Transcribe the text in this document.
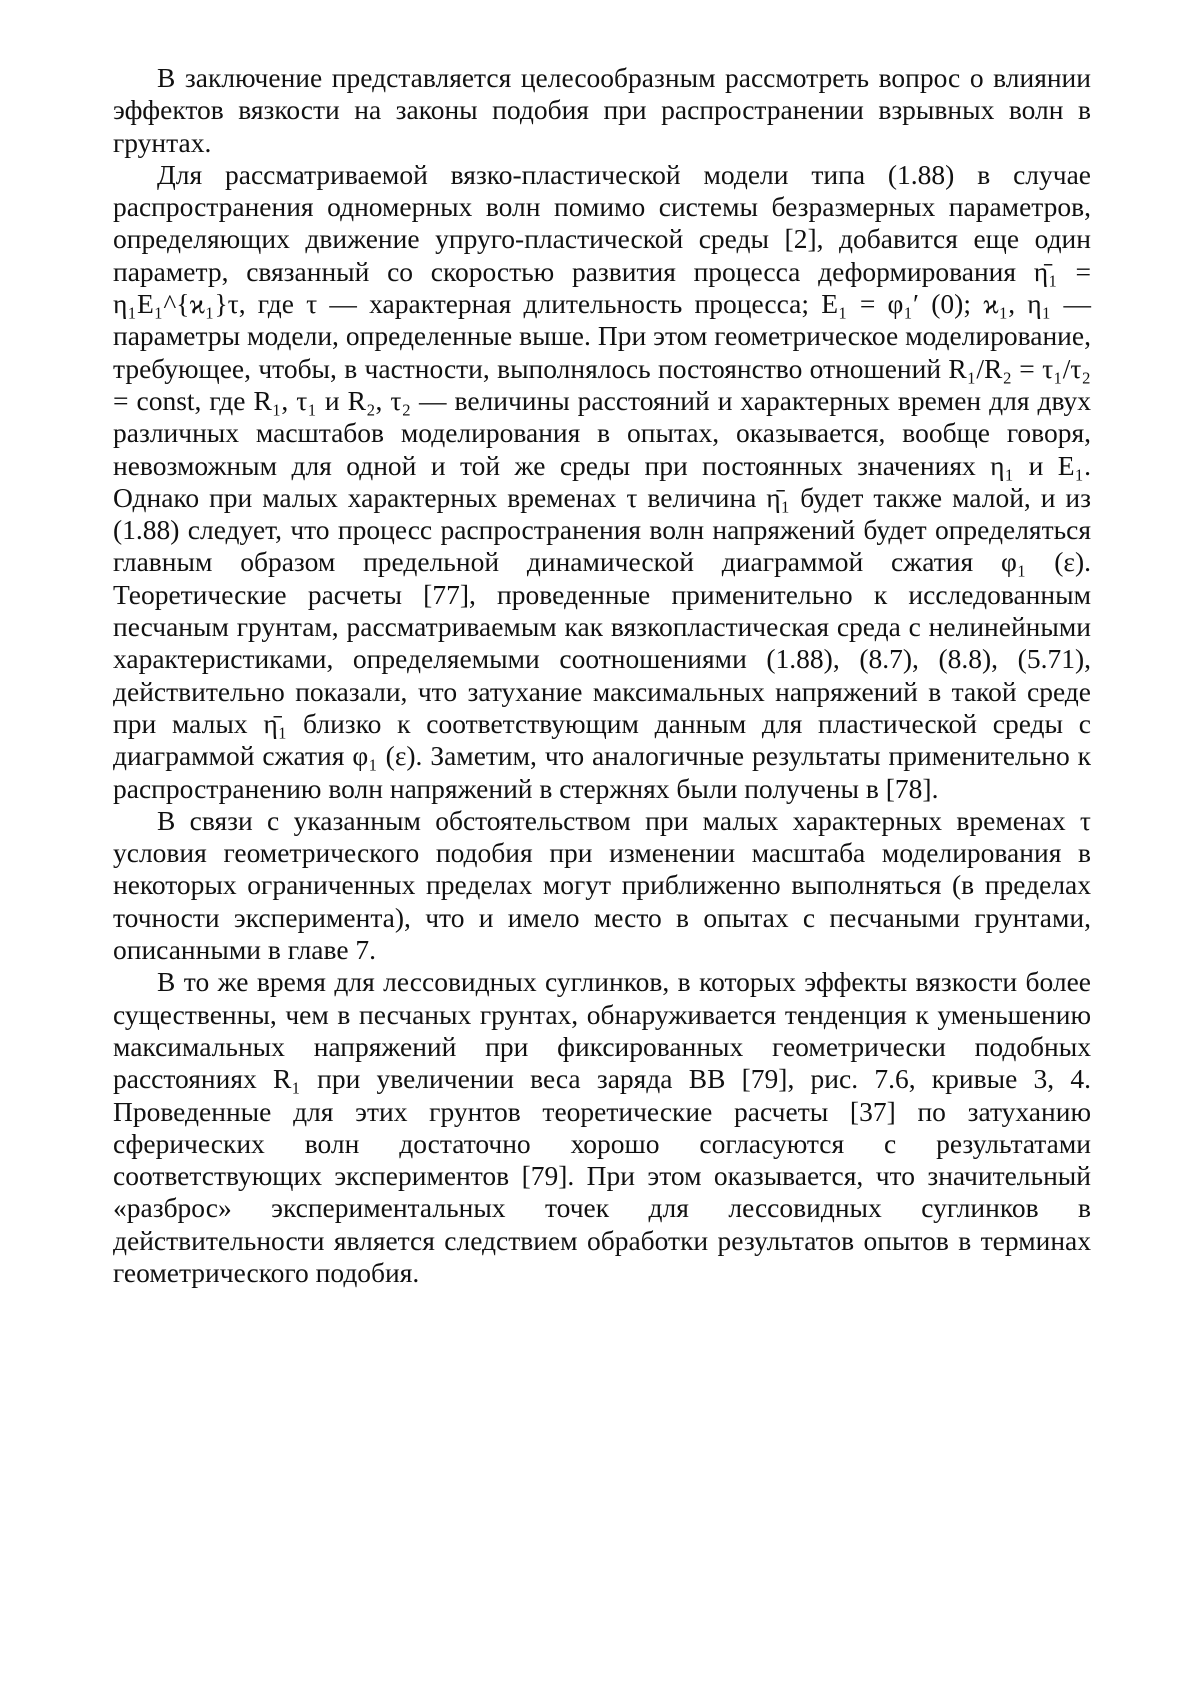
В заключение представляется целесообразным рассмотреть вопрос о влиянии эффектов вязкости на законы подобия при распространении взрывных волн в грунтах.

Для рассматриваемой вязко-пластической модели типа (1.88) в случае распространения одномерных волн помимо системы безразмерных параметров, определяющих движение упруго-пластической среды [2], добавится еще один параметр, связанный со скоростью развития процесса деформирования η̄₁ = η₁E₁^{ϰ₁}τ, где τ — характерная длительность процесса; E₁ = φ₁′ (0); ϰ₁, η₁ — параметры модели, определенные выше. При этом геометрическое моделирование, требующее, чтобы, в частности, выполнялось постоянство отношений R₁/R₂ = τ₁/τ₂ = const, где R₁, τ₁ и R₂, τ₂ — величины расстояний и характерных времен для двух различных масштабов моделирования в опытах, оказывается, вообще говоря, невозможным для одной и той же среды при постоянных значениях η₁ и E₁. Однако при малых характерных временах τ величина η̄₁ будет также малой, и из (1.88) следует, что процесс распространения волн напряжений будет определяться главным образом предельной динамической диаграммой сжатия φ₁ (ε). Теоретические расчеты [77], проведенные применительно к исследованным песчаным грунтам, рассматриваемым как вязкопластическая среда с нелинейными характеристиками, определяемыми соотношениями (1.88), (8.7), (8.8), (5.71), действительно показали, что затухание максимальных напряжений в такой среде при малых η̄₁ близко к соответствующим данным для пластической среды с диаграммой сжатия φ₁ (ε). Заметим, что аналогичные результаты применительно к распространению волн напряжений в стержнях были получены в [78].

В связи с указанным обстоятельством при малых характерных временах τ условия геометрического подобия при изменении масштаба моделирования в некоторых ограниченных пределах могут приближенно выполняться (в пределах точности эксперимента), что и имело место в опытах с песчаными грунтами, описанными в главе 7.

В то же время для лессовидных суглинков, в которых эффекты вязкости более существенны, чем в песчаных грунтах, обнаруживается тенденция к уменьшению максимальных напряжений при фиксированных геометрически подобных расстояниях R₁ при увеличении веса заряда ВВ [79], рис. 7.6, кривые 3, 4. Проведенные для этих грунтов теоретические расчеты [37] по затуханию сферических волн достаточно хорошо согласуются с результатами соответствующих экспериментов [79]. При этом оказывается, что значительный «разброс» экспериментальных точек для лессовидных суглинков в действительности является следствием обработки результатов опытов в терминах геометрического подобия.
